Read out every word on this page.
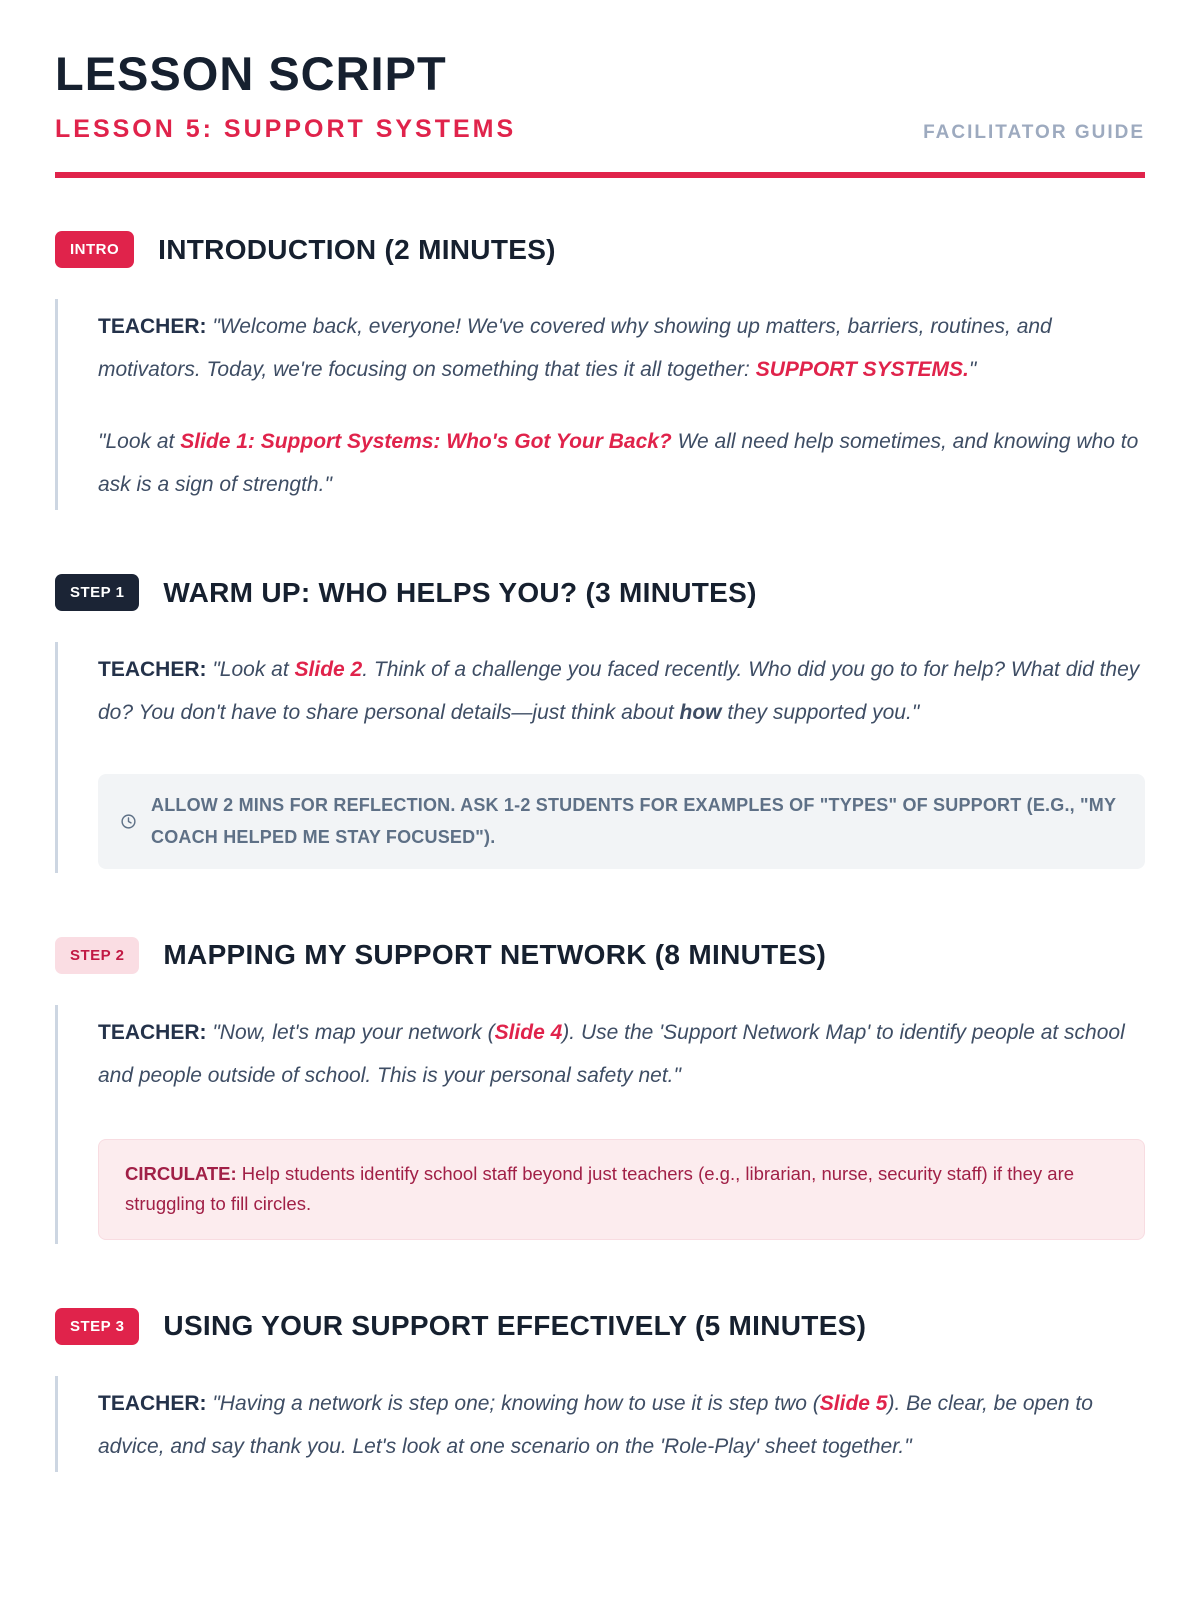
LESSON SCRIPT
LESSON 5: SUPPORT SYSTEMS	FACILITATOR GUIDE
INTRO	INTRODUCTION (2 MINUTES)

TEACHER: "Welcome back, everyone! We've covered why showing up matters, barriers, routines, and motivators. Today, we're focusing on something that ties it all together: SUPPORT SYSTEMS."

"Look at Slide 1: Support Systems: Who's Got Your Back? We all need help sometimes, and knowing who to ask is a sign of strength."

STEP 1	WARM UP: WHO HELPS YOU? (3 MINUTES)

TEACHER: "Look at Slide 2. Think of a challenge you faced recently. Who did you go to for help? What did they do? You don't have to share personal details—just think about how they supported you."

ALLOW 2 MINS FOR REFLECTION. ASK 1-2 STUDENTS FOR EXAMPLES OF "TYPES" OF SUPPORT (E.G., "MY COACH HELPED ME STAY FOCUSED").
STEP 2	MAPPING MY SUPPORT NETWORK (8 MINUTES)

TEACHER: "Now, let's map your network (Slide 4). Use the 'Support Network Map' to identify people at school and people outside of school. This is your personal safety net."

CIRCULATE: Help students identify school staff beyond just teachers (e.g., librarian, nurse, security staff) if they are struggling to fill circles.
STEP 3	USING YOUR SUPPORT EFFECTIVELY (5 MINUTES)

TEACHER: "Having a network is step one; knowing how to use it is step two (Slide 5). Be clear, be open to advice, and say thank you. Let's look at one scenario on the 'Role-Play' sheet together."
